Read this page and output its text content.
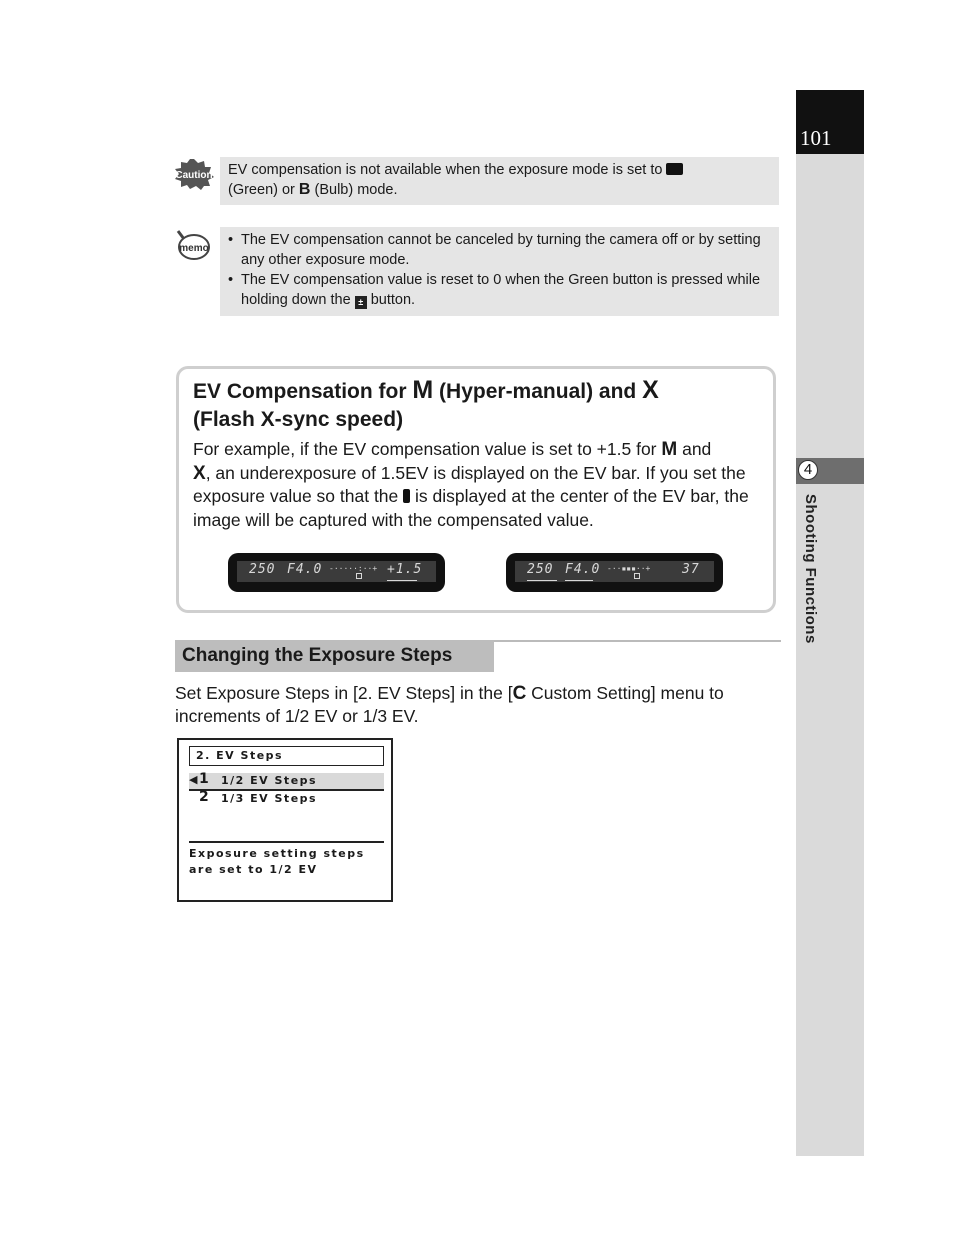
101
4
Shooting Functions
Caution	EV compensation is not available when the exposure mode is set to
(Green) or B (Bulb) mode.
memo
• The EV compensation cannot be canceled by turning the camera off or by setting any other exposure mode.
• The EV compensation value is reset to 0 when the Green button is pressed while holding down the ± button.
EV Compensation for M (Hyper-manual) and X
(Flash X-sync speed)
For example, if the EV compensation value is set to +1.5 for M and
X, an underexposure of 1.5EV is displayed on the EV bar. If you set the exposure value so that the is displayed at the center of the EV bar, the image will be captured with the compensated value.
250 F4.0 -·····:··+ +1.5	250 F4.0 -··▪▪▪··+ 37
Changing the Exposure Steps
Set Exposure Steps in [2. EV Steps] in the [C Custom Setting] menu to increments of 1/2 EV or 1/3 EV.
2. EV Steps
◀ 1 1/2 EV Steps
2 1/3 EV Steps
Exposure setting steps
are set to 1/2 EV
